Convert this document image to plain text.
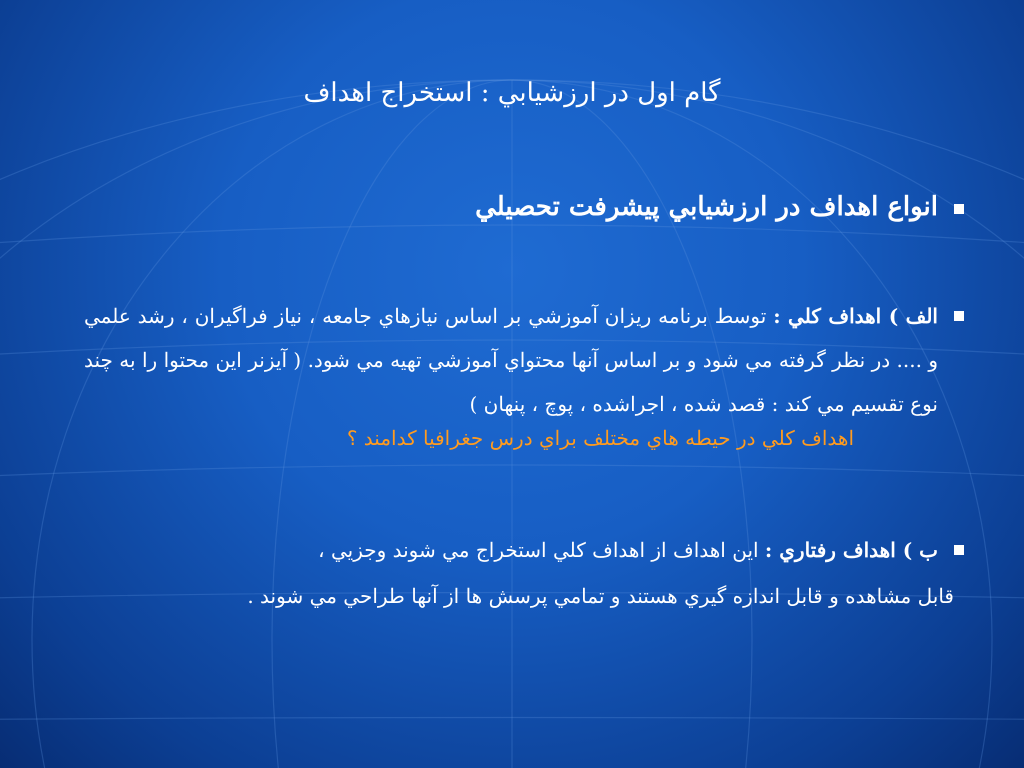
گام اول در ارزشيابي : استخراج اهداف
انواع اهداف در ارزشيابي پيشرفت تحصيلي
الف ) اهداف كلي : توسط برنامه ريزان آموزشي بر اساس نيازهاي جامعه ، نياز فراگيران ، رشد علمي و .... در نظر گرفته مي شود و بر اساس آنها محتواي آموزشي تهيه مي شود. ( آيزنر اين محتوا را به چند نوع تقسيم مي كند : قصد شده ، اجراشده ، پوچ ، پنهان )
اهداف كلي در حيطه هاي مختلف براي درس جغرافيا كدامند ؟
ب ) اهداف رفتاري : اين اهداف از اهداف كلي استخراج مي شوند وجزيي ،
قابل مشاهده و قابل اندازه گيري هستند و تمامي پرسش ها از آنها طراحي مي شوند .
